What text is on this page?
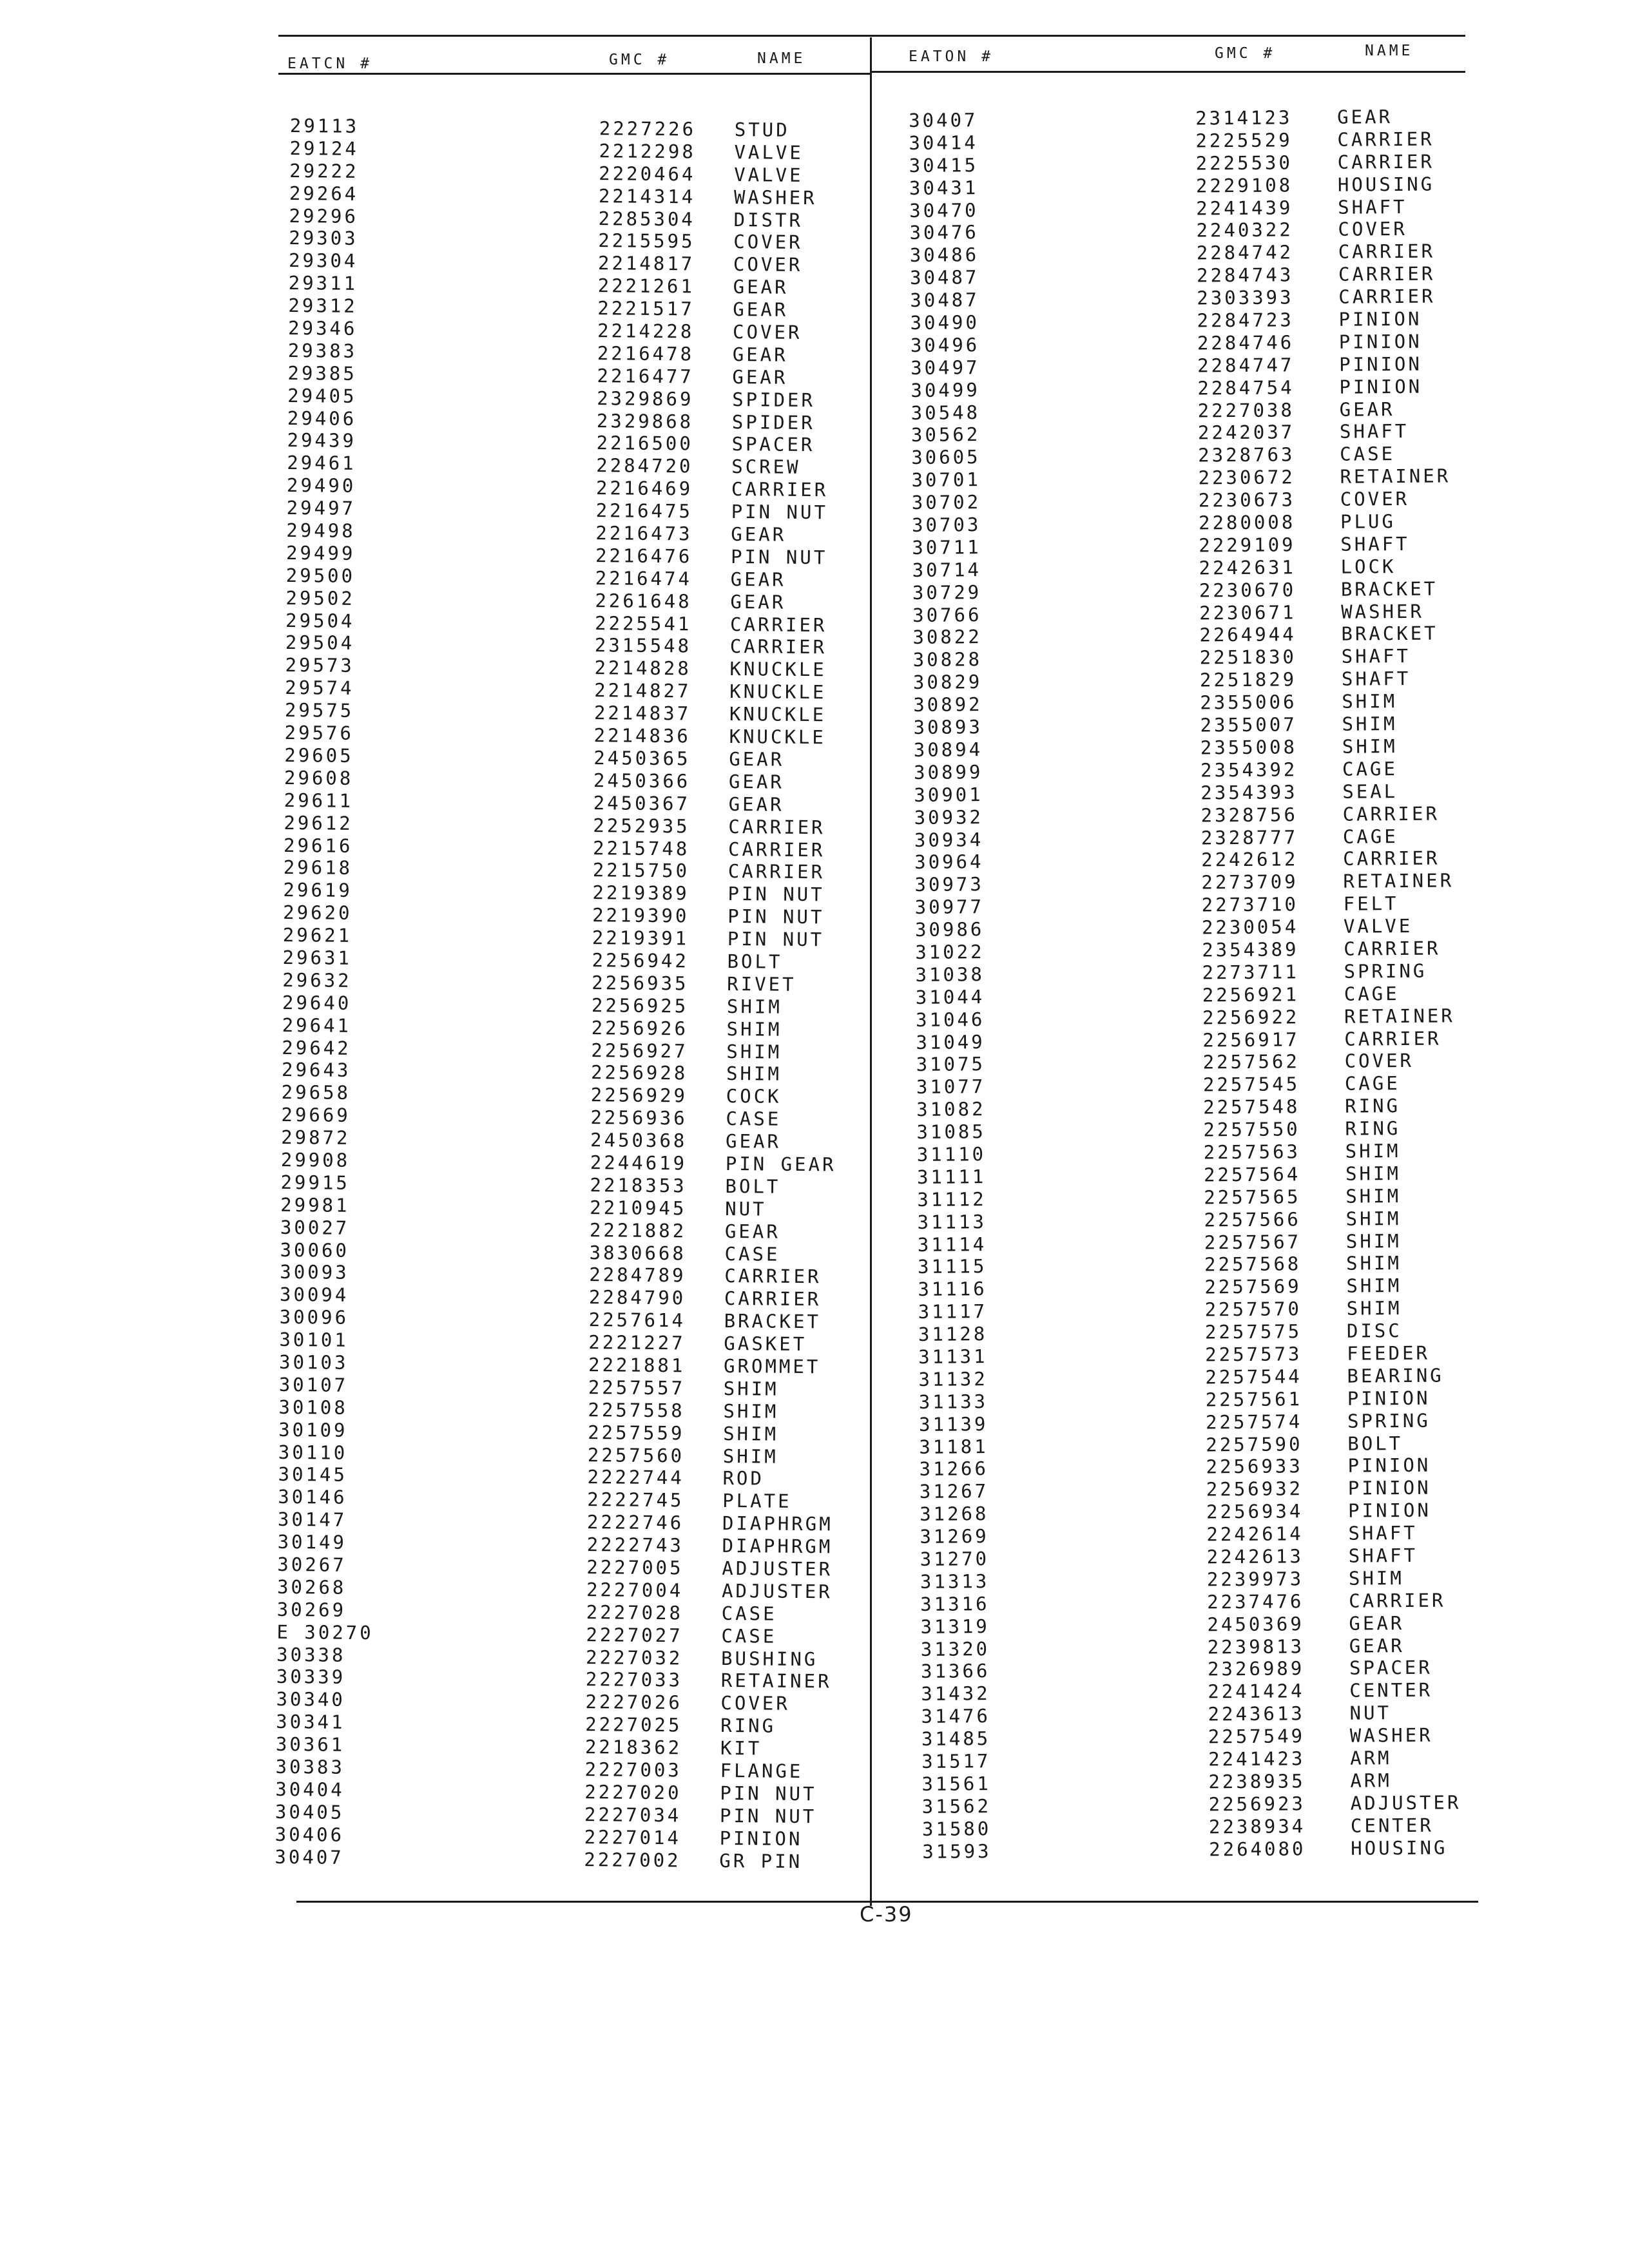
EATCN #	GMC #	NAME	EATON #	GMC #	NAME
29113	2227226 STUD
29124	2212298 VALVE
29222	2220464 VALVE
29264	2214314 WASHER
29296	2285304 DISTR
29303	2215595 COVER
29304	2214817 COVER
29311	2221261 GEAR
29312	2221517 GEAR
29346	2214228 COVER
29383	2216478 GEAR
29385	2216477 GEAR
29405	2329869 SPIDER
29406	2329868 SPIDER
29439	2216500 SPACER
29461	2284720 SCREW
29490	2216469 CARRIER
29497	2216475 PIN NUT
29498	2216473 GEAR
29499	2216476 PIN NUT
29500	2216474 GEAR
29502	2261648 GEAR
29504	2225541 CARRIER
29504	2315548 CARRIER
29573	2214828 KNUCKLE
29574	2214827 KNUCKLE
29575	2214837 KNUCKLE
29576	2214836 KNUCKLE
29605	2450365 GEAR
29608	2450366 GEAR
29611	2450367 GEAR
29612	2252935 CARRIER
29616	2215748 CARRIER
29618	2215750 CARRIER
29619	2219389 PIN NUT
29620	2219390 PIN NUT
29621	2219391 PIN NUT
29631	2256942 BOLT
29632	2256935 RIVET
29640	2256925 SHIM
29641	2256926 SHIM
29642	2256927 SHIM
29643	2256928 SHIM
29658	2256929 COCK
29669	2256936 CASE
29872	2450368 GEAR
29908	2244619 PIN GEAR
29915	2218353 BOLT
29981	2210945 NUT
30027	2221882 GEAR
30060	3830668 CASE
30093	2284789 CARRIER
30094	2284790 CARRIER
30096	2257614 BRACKET
30101	2221227 GASKET
30103	2221881 GROMMET
30107	2257557 SHIM
30108	2257558 SHIM
30109	2257559 SHIM
30110	2257560 SHIM
30145	2222744 ROD
30146	2222745 PLATE
30147	2222746 DIAPHRGM
30149	2222743 DIAPHRGM
30267	2227005 ADJUSTER
30268	2227004 ADJUSTER
30269	2227028 CASE
E 30270	2227027 CASE
30338	2227032 BUSHING
30339	2227033 RETAINER
30340	2227026 COVER
30341	2227025 RING
30361	2218362 KIT
30383	2227003 FLANGE
30404	2227020 PIN NUT
30405	2227034 PIN NUT
30406	2227014 PINION
30407	2227002 GR PIN
30407	2314123 GEAR
30414	2225529 CARRIER
30415	2225530 CARRIER
30431	2229108 HOUSING
30470	2241439 SHAFT
30476	2240322 COVER
30486	2284742 CARRIER
30487	2284743 CARRIER
30487	2303393 CARRIER
30490	2284723 PINION
30496	2284746 PINION
30497	2284747 PINION
30499	2284754 PINION
30548	2227038 GEAR
30562	2242037 SHAFT
30605	2328763 CASE
30701	2230672 RETAINER
30702	2230673 COVER
30703	2280008 PLUG
30711	2229109 SHAFT
30714	2242631 LOCK
30729	2230670 BRACKET
30766	2230671 WASHER
30822	2264944 BRACKET
30828	2251830 SHAFT
30829	2251829 SHAFT
30892	2355006 SHIM
30893	2355007 SHIM
30894	2355008 SHIM
30899	2354392 CAGE
30901	2354393 SEAL
30932	2328756 CARRIER
30934	2328777 CAGE
30964	2242612 CARRIER
30973	2273709 RETAINER
30977	2273710 FELT
30986	2230054 VALVE
31022	2354389 CARRIER
31038	2273711 SPRING
31044	2256921 CAGE
31046	2256922 RETAINER
31049	2256917 CARRIER
31075	2257562 COVER
31077	2257545 CAGE
31082	2257548 RING
31085	2257550 RING
31110	2257563 SHIM
31111	2257564 SHIM
31112	2257565 SHIM
31113	2257566 SHIM
31114	2257567 SHIM
31115	2257568 SHIM
31116	2257569 SHIM
31117	2257570 SHIM
31128	2257575 DISC
31131	2257573 FEEDER
31132	2257544 BEARING
31133	2257561 PINION
31139	2257574 SPRING
31181	2257590 BOLT
31266	2256933 PINION
31267	2256932 PINION
31268	2256934 PINION
31269	2242614 SHAFT
31270	2242613 SHAFT
31313	2239973 SHIM
31316	2237476 CARRIER
31319	2450369 GEAR
31320	2239813 GEAR
31366	2326989 SPACER
31432	2241424 CENTER
31476	2243613 NUT
31485	2257549 WASHER
31517	2241423 ARM
31561	2238935 ARM
31562	2256923 ADJUSTER
31580	2238934 CENTER
31593	2264080 HOUSING
C-39
